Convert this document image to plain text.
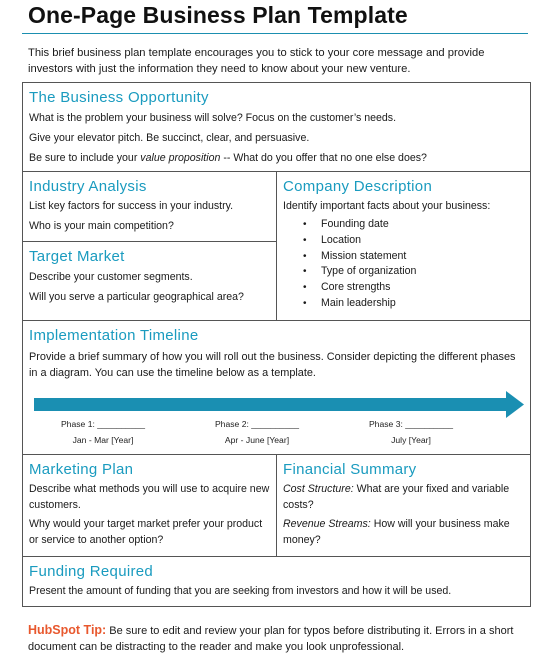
One-Page Business Plan Template
This brief business plan template encourages you to stick to your core message and provide investors with just the information they need to know about your new venture.
The Business Opportunity
What is the problem your business will solve? Focus on the customer’s needs.
Give your elevator pitch. Be succinct, clear, and persuasive.
Be sure to include your value proposition -- What do you offer that no one else does?
Industry Analysis
List key factors for success in your industry.
Who is your main competition?
Target Market
Describe your customer segments.
Will you serve a particular geographical area?
Company Description
Identify important facts about your business:
• Founding date
• Location
• Mission statement
• Type of organization
• Core strengths
• Main leadership
Implementation Timeline
Provide a brief summary of how you will roll out the business. Consider depicting the different phases in a diagram. You can use the timeline below as a template.
Phase 1: __________
Jan - Mar [Year]
Phase 2: __________
Apr - June [Year]
Phase 3: __________
July [Year]
Marketing Plan
Describe what methods you will use to acquire new customers.
Why would your target market prefer your product or service to another option?
Financial Summary
Cost Structure: What are your fixed and variable costs?
Revenue Streams: How will your business make money?
Funding Required
Present the amount of funding that you are seeking from investors and how it will be used.
HubSpot Tip: Be sure to edit and review your plan for typos before distributing it. Errors in a short document can be distracting to the reader and make you look unprofessional.
